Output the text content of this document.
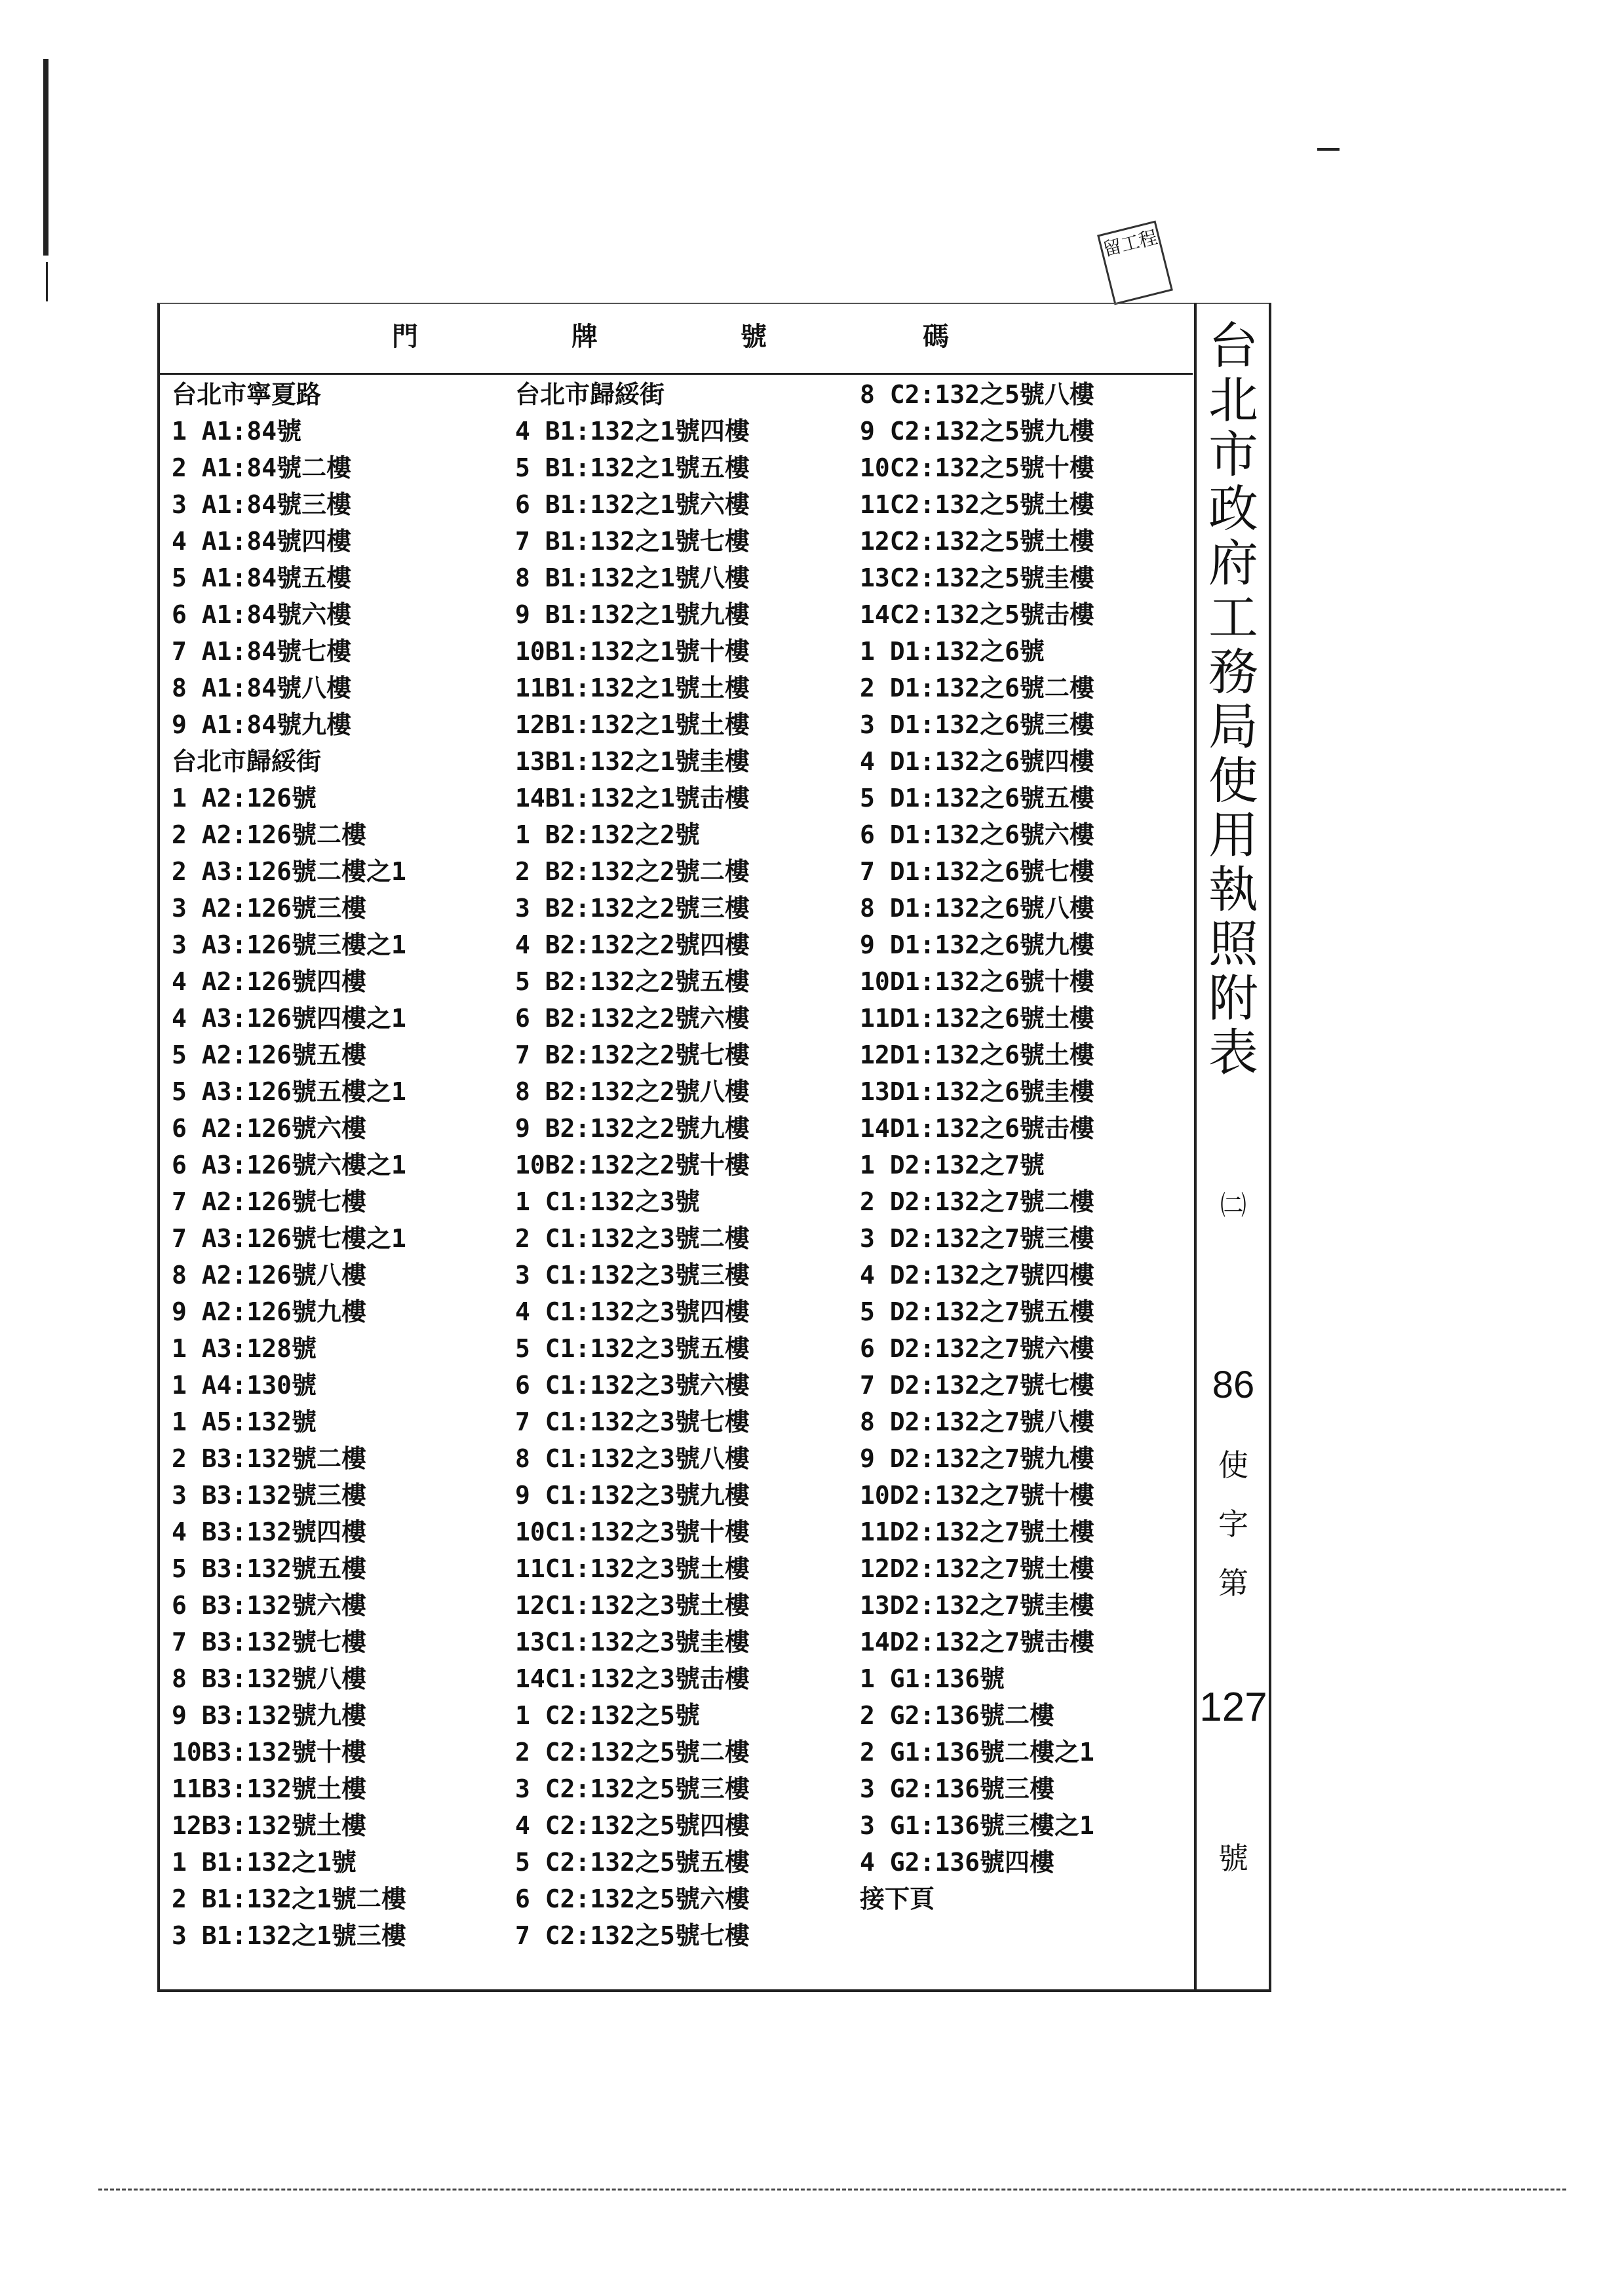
留工程
門	牌	號	碼
台北市寧夏路
1 A1:84號
2 A1:84號二樓
3 A1:84號三樓
4 A1:84號四樓
5 A1:84號五樓
6 A1:84號六樓
7 A1:84號七樓
8 A1:84號八樓
9 A1:84號九樓
台北市歸綏街
1 A2:126號
2 A2:126號二樓
2 A3:126號二樓之1
3 A2:126號三樓
3 A3:126號三樓之1
4 A2:126號四樓
4 A3:126號四樓之1
5 A2:126號五樓
5 A3:126號五樓之1
6 A2:126號六樓
6 A3:126號六樓之1
7 A2:126號七樓
7 A3:126號七樓之1
8 A2:126號八樓
9 A2:126號九樓
1 A3:128號
1 A4:130號
1 A5:132號
2 B3:132號二樓
3 B3:132號三樓
4 B3:132號四樓
5 B3:132號五樓
6 B3:132號六樓
7 B3:132號七樓
8 B3:132號八樓
9 B3:132號九樓
10B3:132號十樓
11B3:132號土樓
12B3:132號土樓
1 B1:132之1號
2 B1:132之1號二樓
3 B1:132之1號三樓
台北市歸綏街
4 B1:132之1號四樓
5 B1:132之1號五樓
6 B1:132之1號六樓
7 B1:132之1號七樓
8 B1:132之1號八樓
9 B1:132之1號九樓
10B1:132之1號十樓
11B1:132之1號土樓
12B1:132之1號土樓
13B1:132之1號圭樓
14B1:132之1號击樓
1 B2:132之2號
2 B2:132之2號二樓
3 B2:132之2號三樓
4 B2:132之2號四樓
5 B2:132之2號五樓
6 B2:132之2號六樓
7 B2:132之2號七樓
8 B2:132之2號八樓
9 B2:132之2號九樓
10B2:132之2號十樓
1 C1:132之3號
2 C1:132之3號二樓
3 C1:132之3號三樓
4 C1:132之3號四樓
5 C1:132之3號五樓
6 C1:132之3號六樓
7 C1:132之3號七樓
8 C1:132之3號八樓
9 C1:132之3號九樓
10C1:132之3號十樓
11C1:132之3號土樓
12C1:132之3號土樓
13C1:132之3號圭樓
14C1:132之3號击樓
1 C2:132之5號
2 C2:132之5號二樓
3 C2:132之5號三樓
4 C2:132之5號四樓
5 C2:132之5號五樓
6 C2:132之5號六樓
7 C2:132之5號七樓
8 C2:132之5號八樓
9 C2:132之5號九樓
10C2:132之5號十樓
11C2:132之5號土樓
12C2:132之5號土樓
13C2:132之5號圭樓
14C2:132之5號击樓
1 D1:132之6號
2 D1:132之6號二樓
3 D1:132之6號三樓
4 D1:132之6號四樓
5 D1:132之6號五樓
6 D1:132之6號六樓
7 D1:132之6號七樓
8 D1:132之6號八樓
9 D1:132之6號九樓
10D1:132之6號十樓
11D1:132之6號土樓
12D1:132之6號土樓
13D1:132之6號圭樓
14D1:132之6號击樓
1 D2:132之7號
2 D2:132之7號二樓
3 D2:132之7號三樓
4 D2:132之7號四樓
5 D2:132之7號五樓
6 D2:132之7號六樓
7 D2:132之7號七樓
8 D2:132之7號八樓
9 D2:132之7號九樓
10D2:132之7號十樓
11D2:132之7號土樓
12D2:132之7號土樓
13D2:132之7號圭樓
14D2:132之7號击樓
1 G1:136號
2 G2:136號二樓
2 G1:136號二樓之1
3 G2:136號三樓
3 G1:136號三樓之1
4 G2:136號四樓
接下頁
台
北
市
政
府
工
務
局
使
用
執
照
附
表
㈡
86
使
字
第
127
號
